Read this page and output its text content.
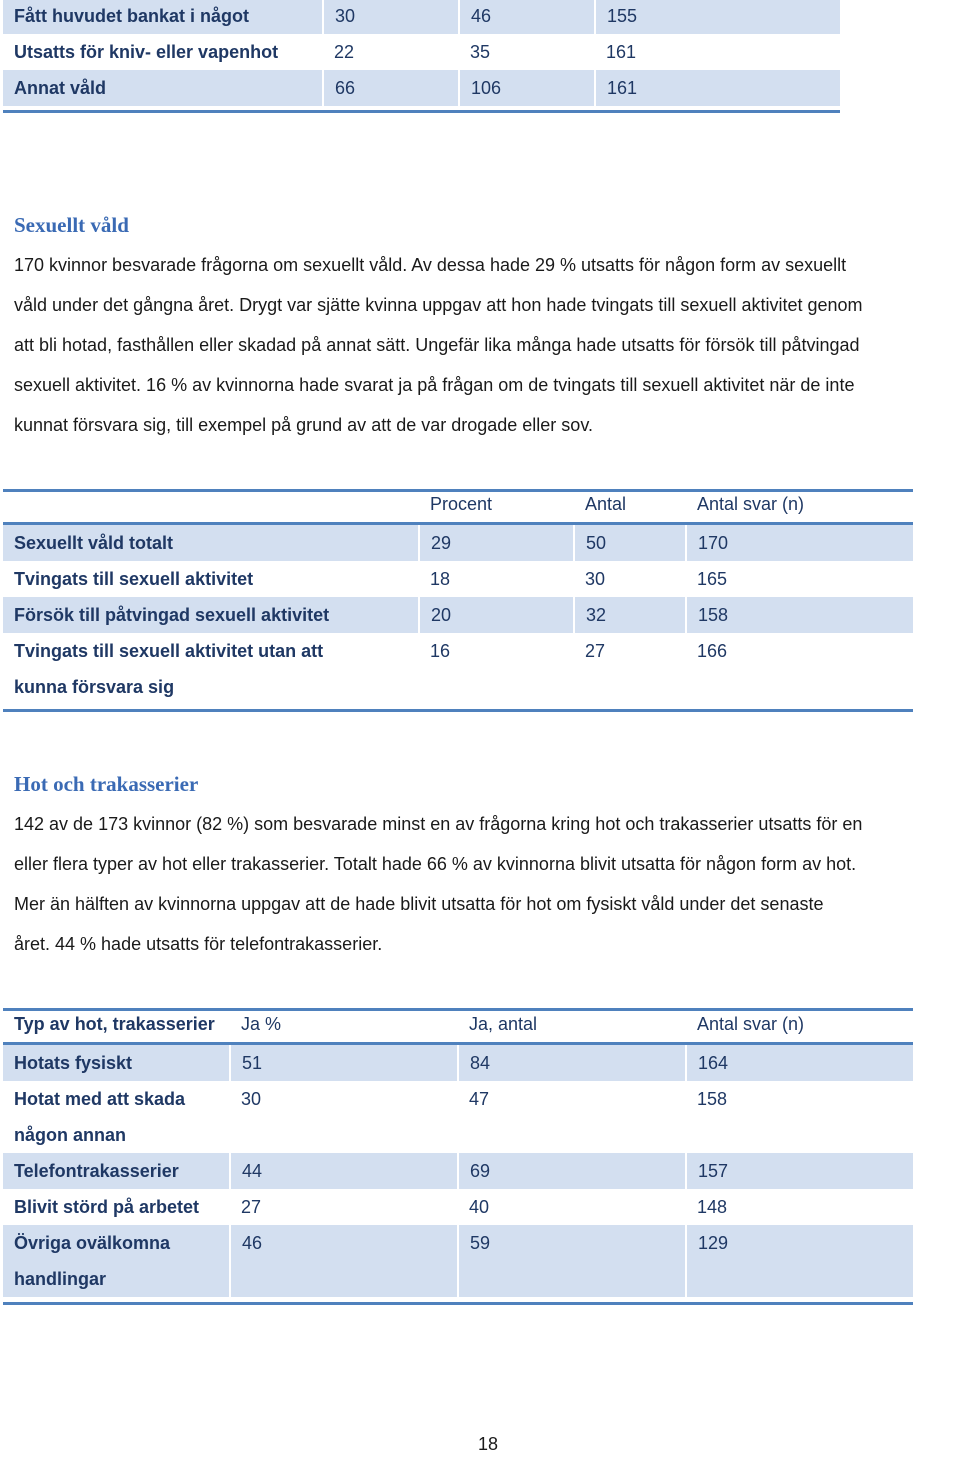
Fått huvudet bankat i något	30	46	155
Utsatts för kniv- eller vapenhot	22	35	161
Annat våld	66	106	161
Sexuellt våld
170 kvinnor besvarade frågorna om sexuellt våld. Av dessa hade 29 % utsatts för någon form av sexuellt
våld under det gångna året. Drygt var sjätte kvinna uppgav att hon hade tvingats till sexuell aktivitet genom
att bli hotad, fasthållen eller skadad på annat sätt. Ungefär lika många hade utsatts för försök till påtvingad
sexuell aktivitet. 16 % av kvinnorna hade svarat ja på frågan om de tvingats till sexuell aktivitet när de inte
kunnat försvara sig, till exempel på grund av att de var drogade eller sov.
	Procent	Antal	Antal svar (n)
Sexuellt våld totalt	29	50	170
Tvingats till sexuell aktivitet	18	30	165
Försök till påtvingad sexuell aktivitet	20	32	158
Tvingats till sexuell aktivitet utan att kunna försvara sig	16	27	166
Hot och trakasserier
142 av de 173 kvinnor (82 %) som besvarade minst en av frågorna kring hot och trakasserier utsatts för en
eller flera typer av hot eller trakasserier. Totalt hade 66 % av kvinnorna blivit utsatta för någon form av hot.
Mer än hälften av kvinnorna uppgav att de hade blivit utsatta för hot om fysiskt våld under det senaste
året. 44 % hade utsatts för telefontrakasserier.
Typ av hot, trakasserier	Ja %	Ja, antal	Antal svar (n)
Hotats fysiskt	51	84	164
Hotat med att skada någon annan	30	47	158
Telefontrakasserier	44	69	157
Blivit störd på arbetet	27	40	148
Övriga ovälkomna handlingar	46	59	129
18
